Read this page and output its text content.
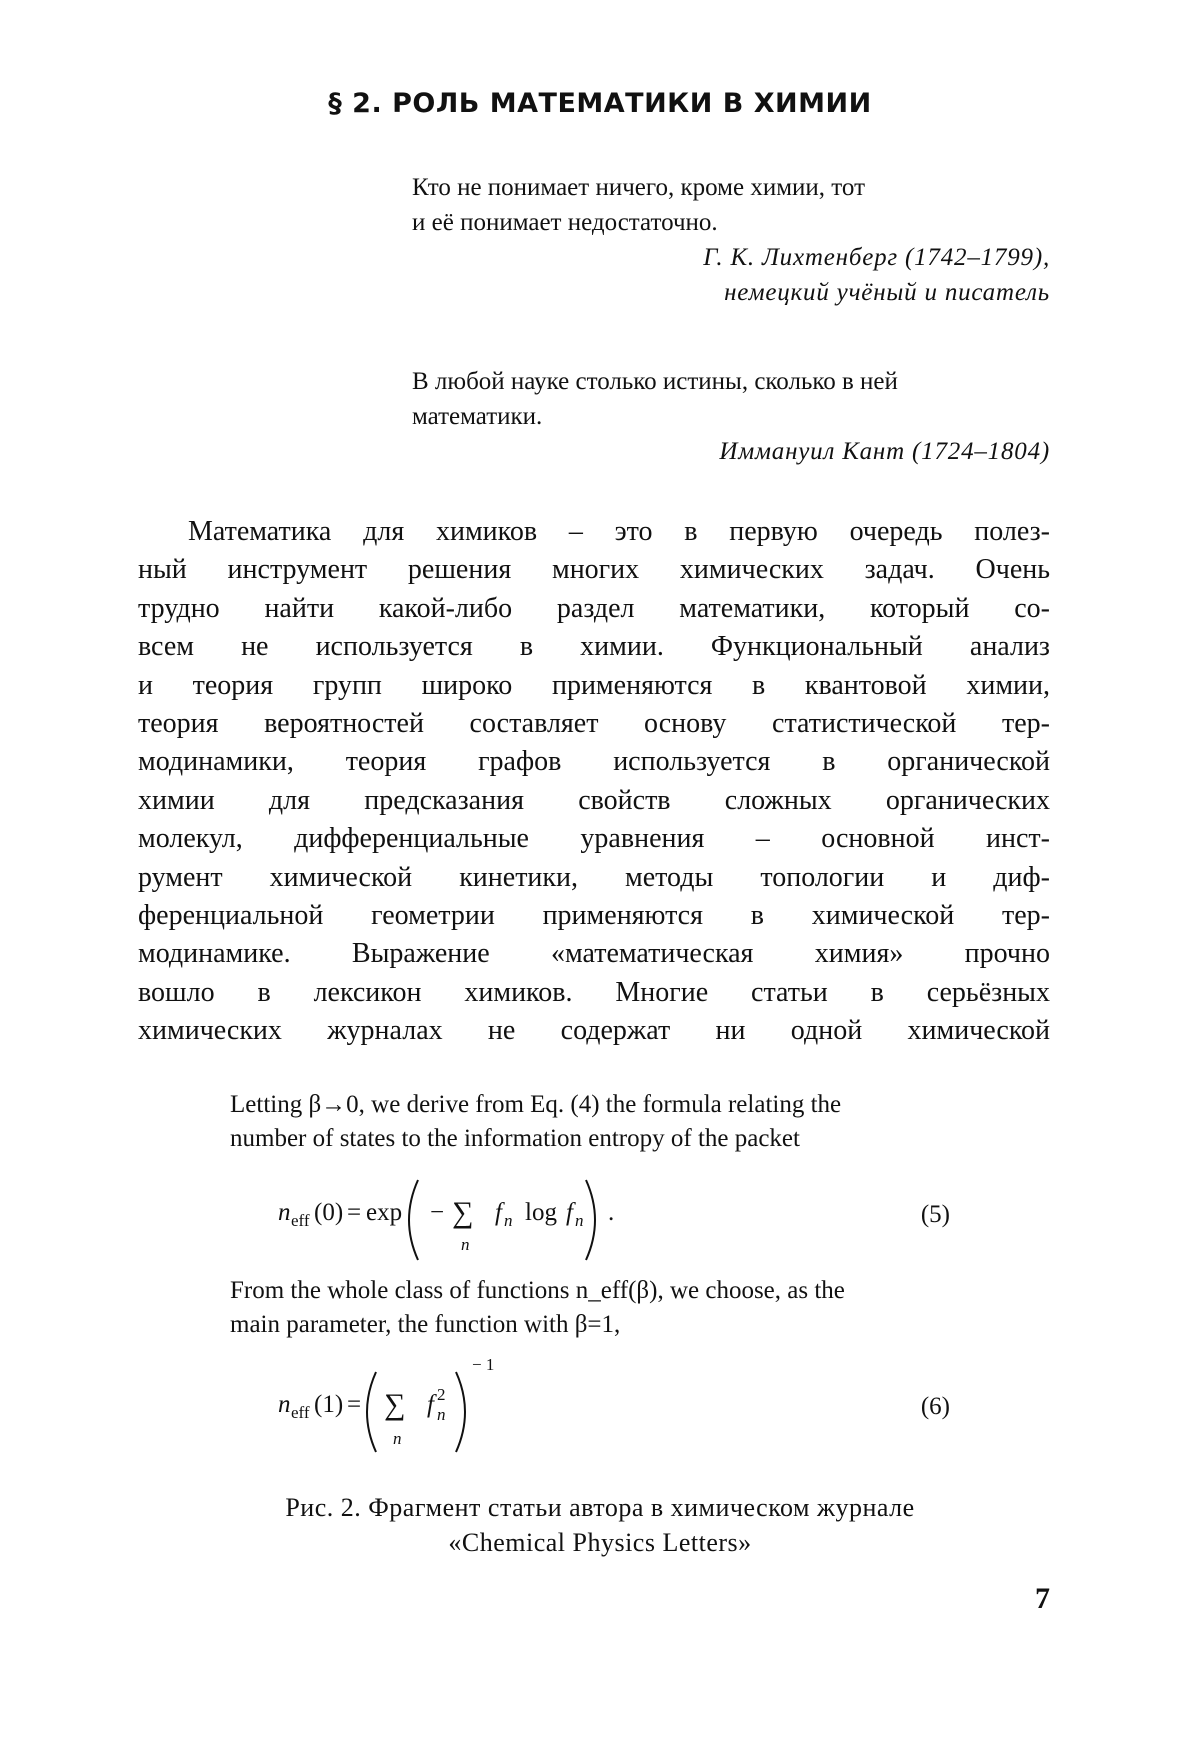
§ 2. РОЛЬ МАТЕМАТИКИ В ХИМИИ
Кто не понимает ничего, кроме химии, тот
и её понимает недостаточно.
Г. К. Лихтенберг (1742–1799),
немецкий учёный и писатель
В любой науке столько истины, сколько в ней
математики.
Иммануил Кант (1724–1804)
Математика для химиков – это в первую очередь полез-
ный инструмент решения многих химических задач. Очень
трудно найти какой-либо раздел математики, который со-
всем не используется в химии. Функциональный анализ
и теория групп широко применяются в квантовой химии,
теория вероятностей составляет основу статистической тер-
модинамики, теория графов используется в органической
химии для предсказания свойств сложных органических
молекул, дифференциальные уравнения – основной инст-
румент химической кинетики, методы топологии и диф-
ференциальной геометрии применяются в химической тер-
модинамике. Выражение «математическая химия» прочно
вошло в лексикон химиков. Многие статьи в серьёзных
химических журналах не содержат ни одной химической
Letting β→0, we derive from Eq. (4) the formula relating the
number of states to the information entropy of the packet
n eff (0) = exp − ∑
n
f n log f n .	(5)
From the whole class of functions n_eff(β), we choose, as the
main parameter, the function with β=1,
n eff (1) = ∑
n
f 2
n
− 1
(6)
Рис. 2. Фрагмент статьи автора в химическом журнале
«Chemical Physics Letters»
7
